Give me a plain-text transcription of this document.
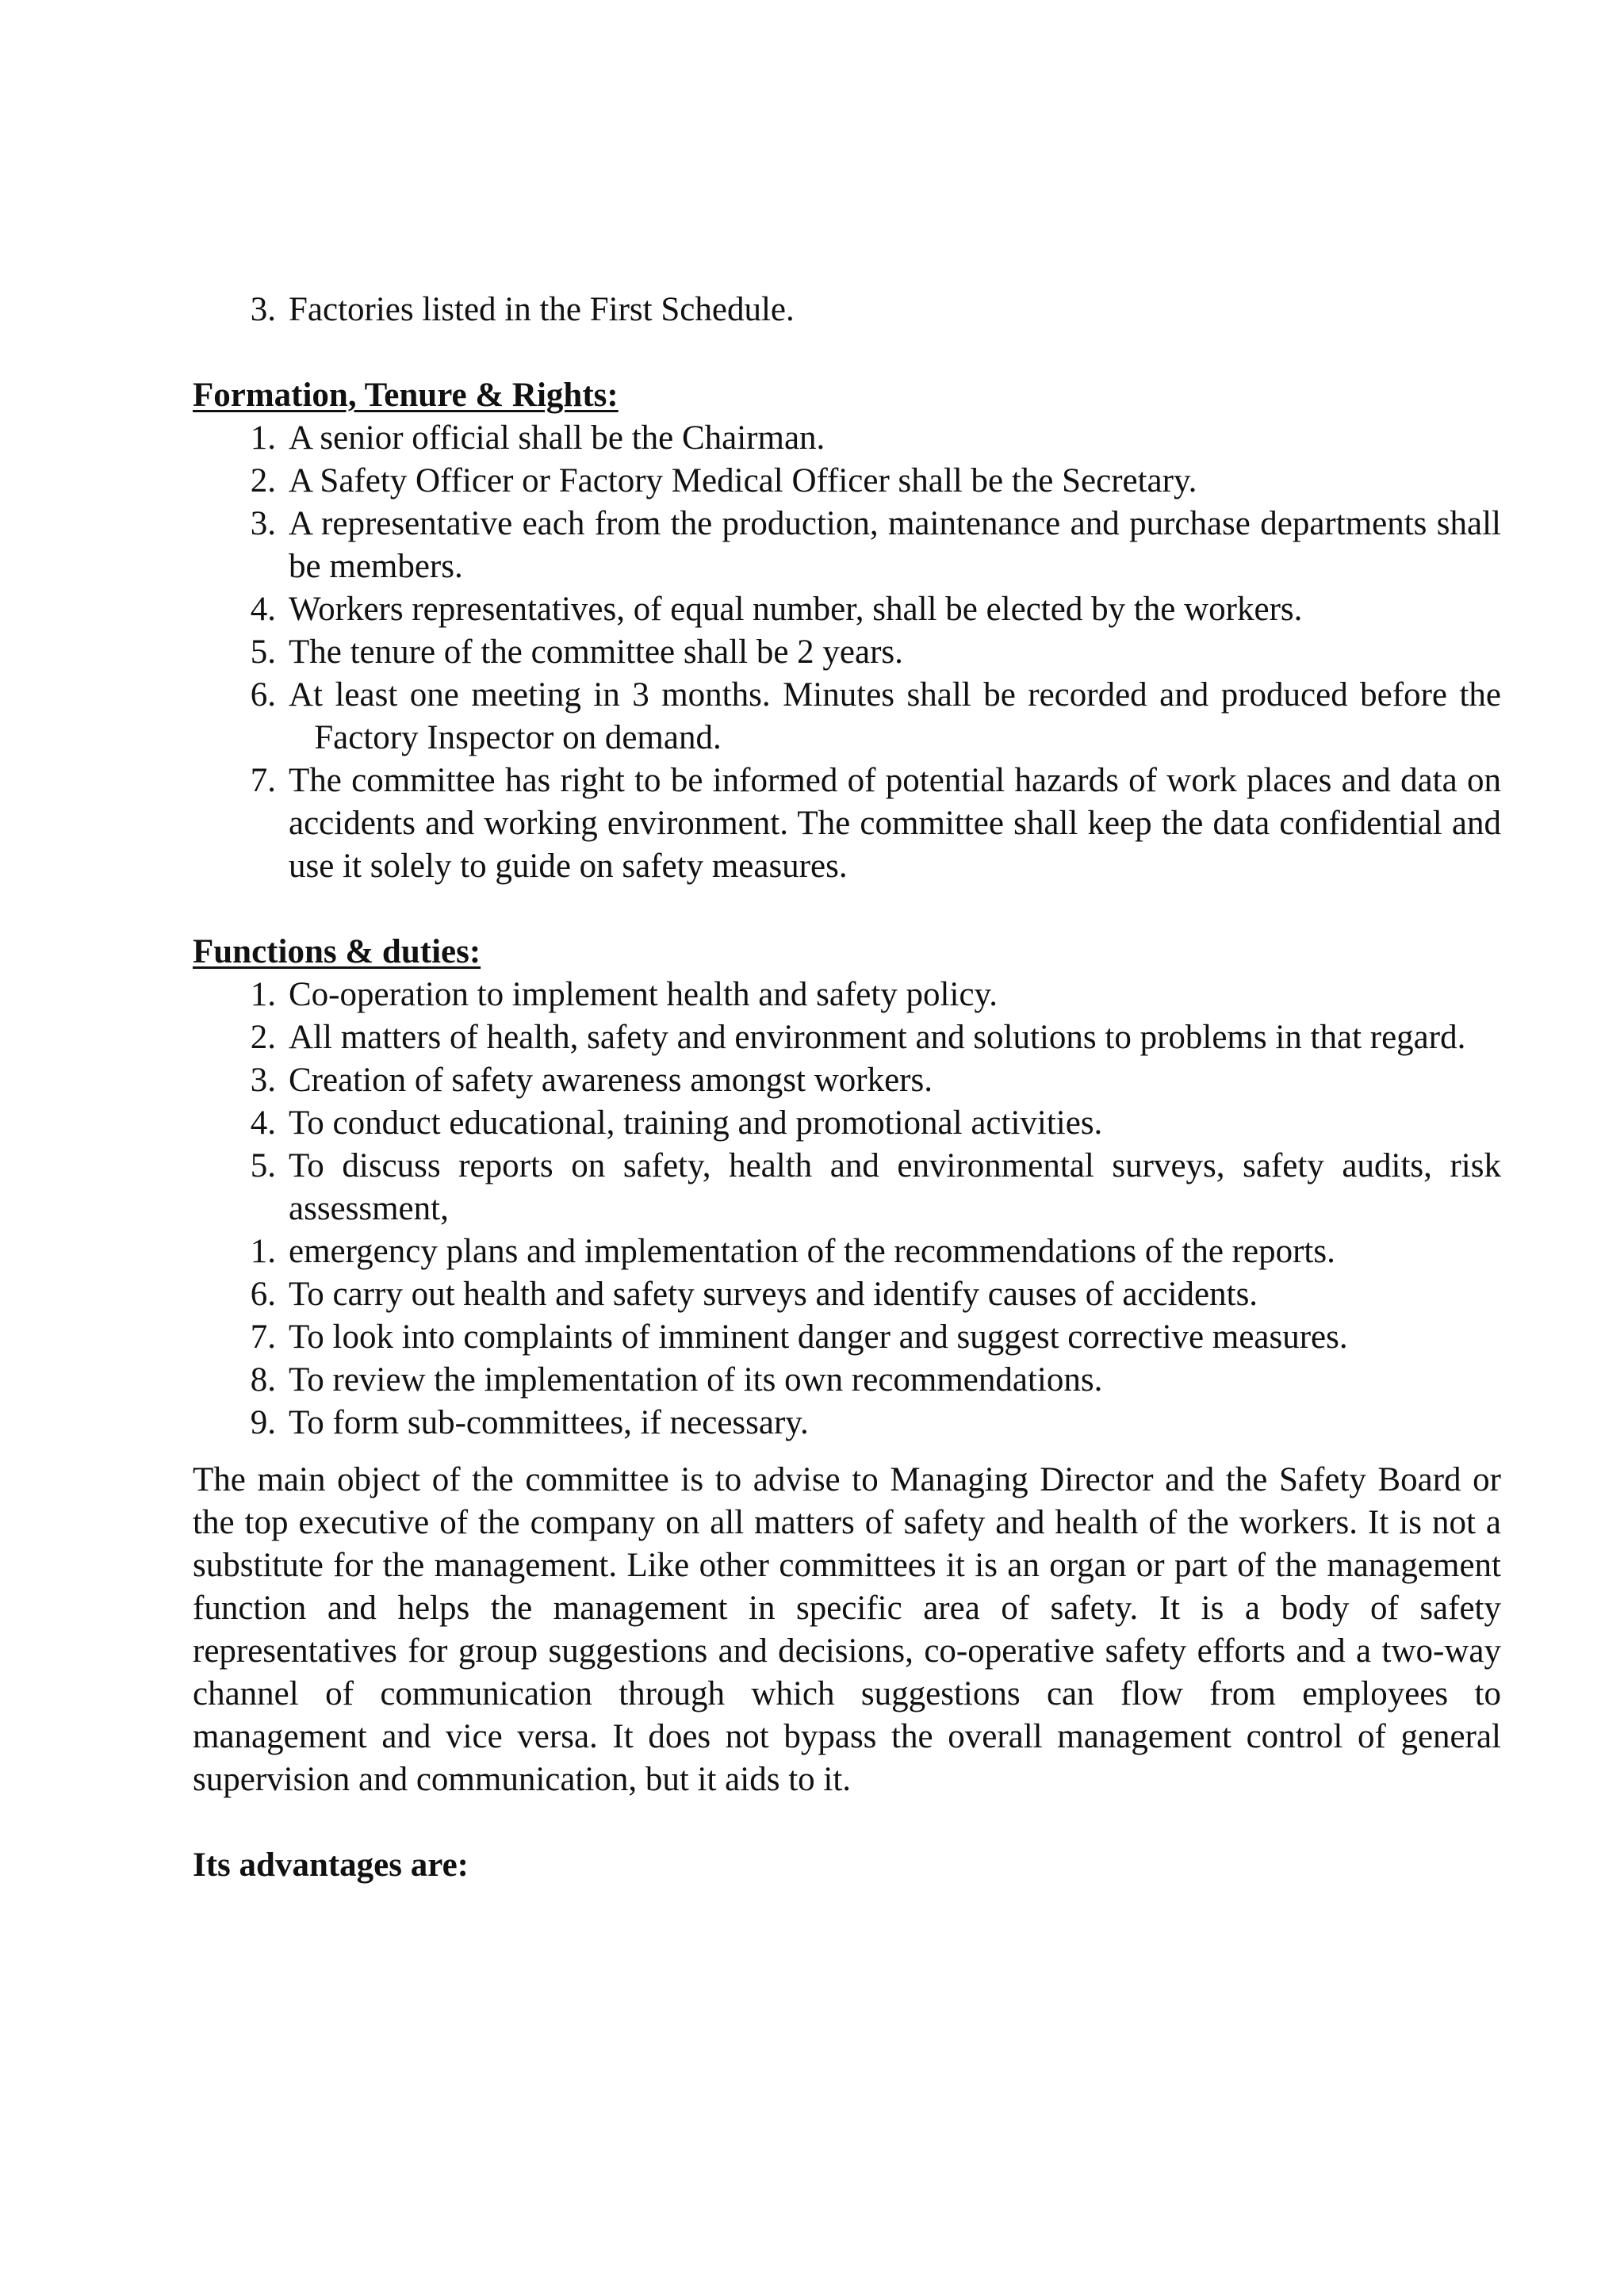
3. Factories listed in the First Schedule.

Formation, Tenure & Rights:

1. A senior official shall be the Chairman.
2. A Safety Officer or Factory Medical Officer shall be the Secretary.
3. A representative each from the production, maintenance and purchase departments shall be members.
4. Workers representatives, of equal number, shall be elected by the workers.
5. The tenure of the committee shall be 2 years.
6. At least one meeting in 3 months. Minutes shall be recorded and produced before the    Factory Inspector on demand.
7. The committee has right to be informed of potential hazards of work places and data on accidents and working environment. The committee shall keep the data confidential and use it solely to guide on safety measures.

Functions & duties:

1. Co-operation to implement health and safety policy.
2. All matters of health, safety and environment and solutions to problems in that regard.
3. Creation of safety awareness amongst workers.
4. To conduct educational, training and promotional activities.
5. To discuss reports on safety, health and environmental surveys, safety audits, risk assessment,
1. emergency plans and implementation of the recommendations of the reports.
6. To carry out health and safety surveys and identify causes of accidents.
7. To look into complaints of imminent danger and suggest corrective measures.
8. To review the implementation of its own recommendations.
9. To form sub-committees, if necessary.

The main object of the committee is to advise to Managing Director and the Safety Board or the top executive of the company on all matters of safety and health of the workers. It is not a substitute for the management. Like other committees it is an organ or part of the management function and helps the management in specific area of safety. It is a body of safety representatives for group suggestions and decisions, co-operative safety efforts and a two-way channel of communication through which suggestions can flow from employees to management and vice versa. It does not bypass the overall management control of general supervision and communication, but it aids to it.

Its advantages are:
